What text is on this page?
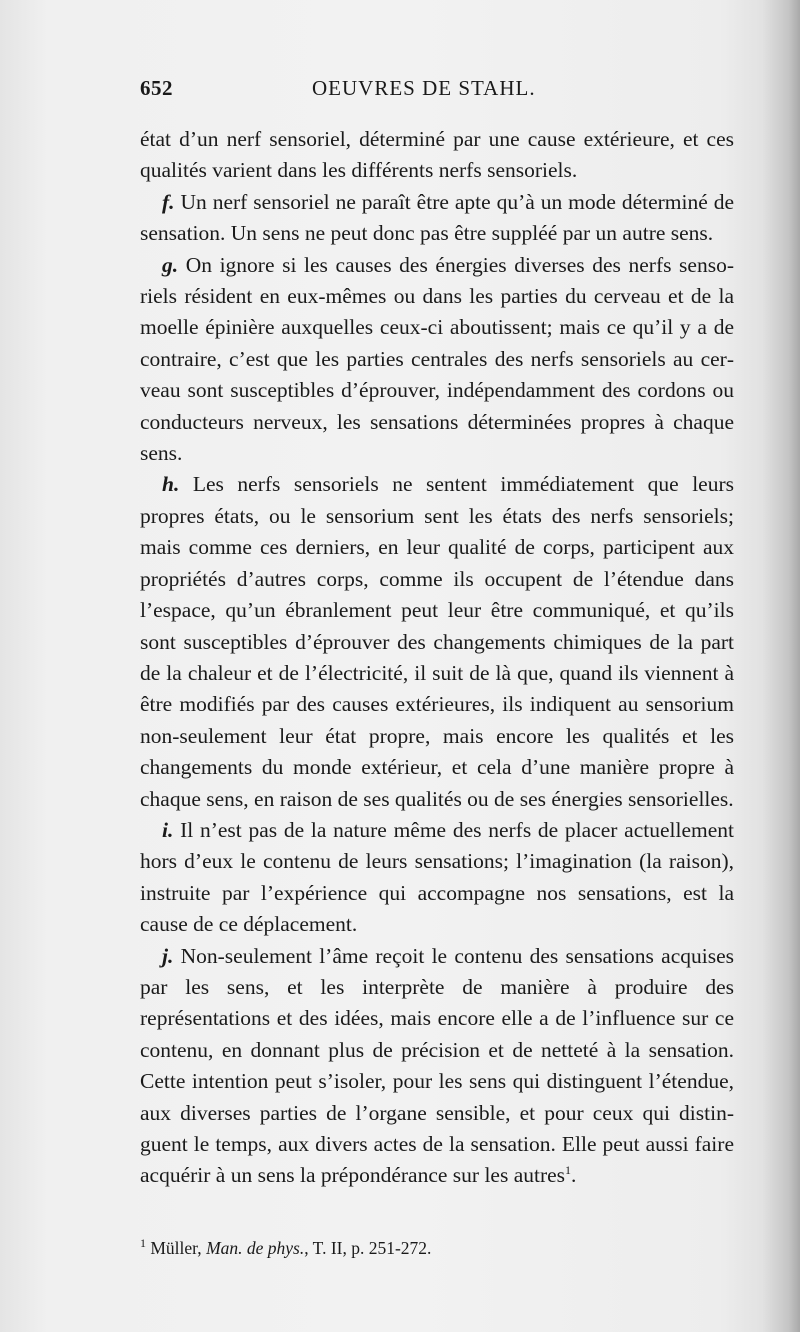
652	OEUVRES DE STAHL.

état d’un nerf sensoriel, déterminé par une cause extérieure, et ces qualités varient dans les différents nerfs sensoriels.

f. Un nerf sensoriel ne paraît être apte qu’à un mode déterminé de sensation. Un sens ne peut donc pas être suppléé par un autre sens.

g. On ignore si les causes des énergies diverses des nerfs sensoriels résident en eux-mêmes ou dans les parties du cerveau et de la moelle épinière auxquelles ceux-ci aboutissent; mais ce qu’il y a de contraire, c’est que les parties centrales des nerfs sensoriels au cerveau sont susceptibles d’éprouver, indépendamment des cordons ou conducteurs nerveux, les sensations déterminées propres à chaque sens.

h. Les nerfs sensoriels ne sentent immédiatement que leurs propres états, ou le sensorium sent les états des nerfs sensoriels; mais comme ces derniers, en leur qualité de corps, participent aux propriétés d’autres corps, comme ils occupent de l’étendue dans l’espace, qu’un ébranlement peut leur être communiqué, et qu’ils sont susceptibles d’éprouver des changements chimiques de la part de la chaleur et de l’électricité, il suit de là que, quand ils viennent à être modifiés par des causes extérieures, ils indiquent au sensorium non-seulement leur état propre, mais encore les qualités et les changements du monde extérieur, et cela d’une manière propre à chaque sens, en raison de ses qualités ou de ses énergies sensorielles.

i. Il n’est pas de la nature même des nerfs de placer actuellement hors d’eux le contenu de leurs sensations; l’imagination (la raison), instruite par l’expérience qui accompagne nos sensations, est la cause de ce déplacement.

j. Non-seulement l’âme reçoit le contenu des sensations acquises par les sens, et les interprète de manière à produire des représentations et des idées, mais encore elle a de l’influence sur ce contenu, en donnant plus de précision et de netteté à la sensation. Cette intention peut s’isoler, pour les sens qui distinguent l’étendue, aux diverses parties de l’organe sensible, et pour ceux qui distinguent le temps, aux divers actes de la sensation. Elle peut aussi faire acquérir à un sens la prépondérance sur les autres$^1$.

$^1$ Müller, Man. de phys., T. II, p. 251-272.
